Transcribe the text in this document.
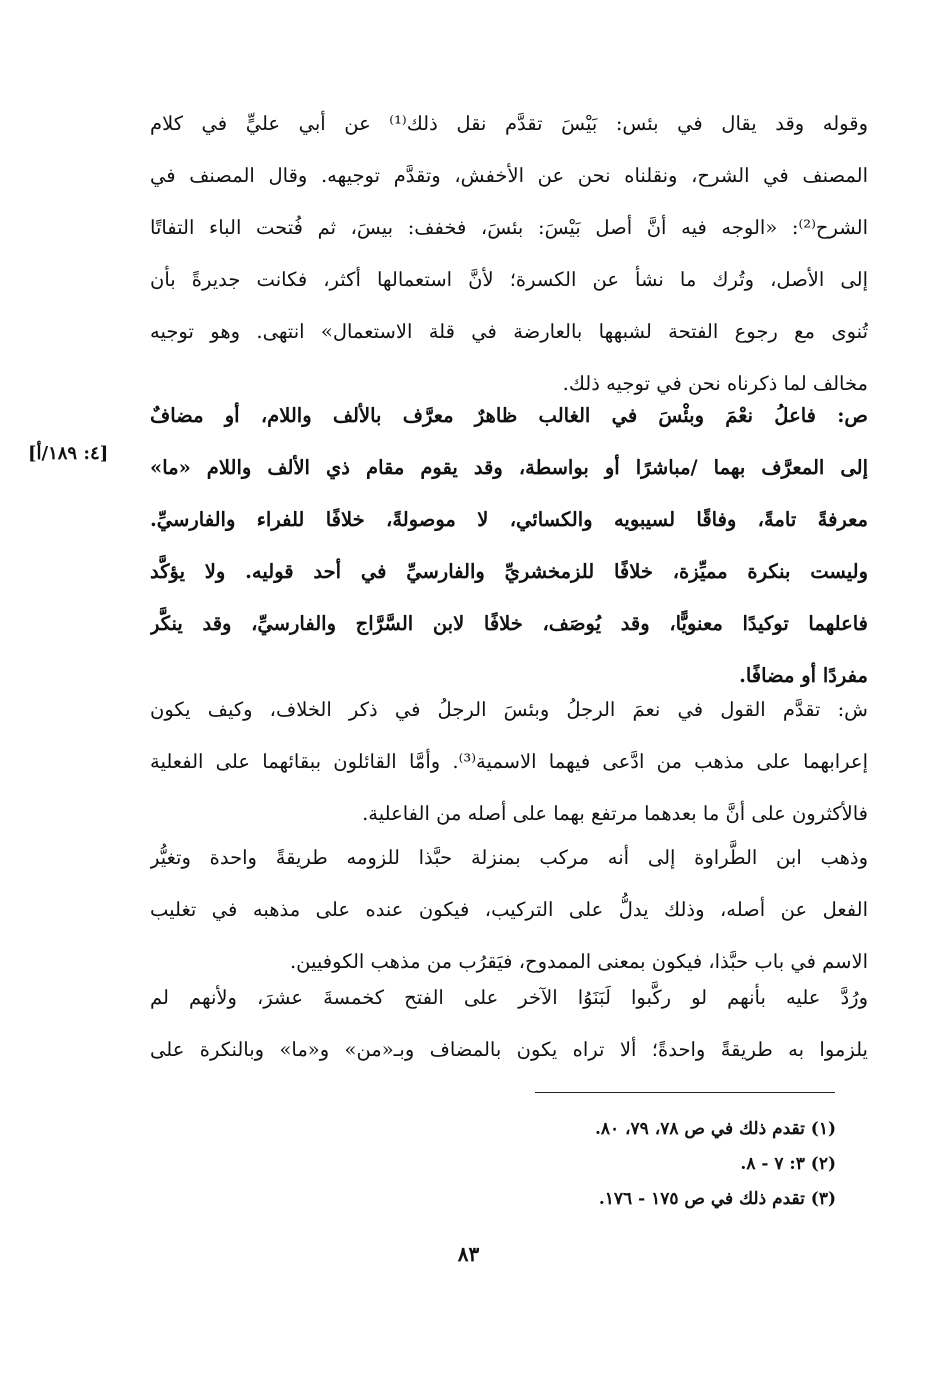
وقوله وقد يقال في بئس: بَيْسَ تقدَّم نقل ذلك⁽¹⁾ عن أبي عليٍّ في كلام
المصنف في الشرح، ونقلناه نحن عن الأخفش، وتقدَّم توجيهه. وقال المصنف في
الشرح⁽²⁾: «الوجه فيه أنَّ أصل بَيْسَ: بئسَ، فخفف: بيسَ، ثم فُتحت الباء التفاتًا
إلى الأصل، وتُرك ما نشأ عن الكسرة؛ لأنَّ استعمالها أكثر، فكانت جديرةً بأن
تُنوى مع رجوع الفتحة لشبهها بالعارضة في قلة الاستعمال» انتهى. وهو توجيه
مخالف لما ذكرناه نحن في توجيه ذلك.
ص: فاعلُ نعْمَ وبئْسَ في الغالب ظاهرٌ معرَّف بالألف واللام، أو مضافٌ
إلى المعرَّف بهما /مباشرًا أو بواسطة، وقد يقوم مقام ذي الألف واللام «ما»
معرفةً تامةً، وفاقًا لسيبويه والكسائي، لا موصولةً، خلافًا للفراء والفارسيِّ.
وليست بنكرة مميِّزة، خلافًا للزمخشريِّ والفارسيِّ في أحد قوليه. ولا يؤكَّد
فاعلهما توكيدًا معنويًّا، وقد يُوصَف، خلافًا لابن السَّرَّاج والفارسيِّ، وقد ينكَّر
مفردًا أو مضافًا.
[٤: ١٨٩/أ]
ش: تقدَّم القول في نعمَ الرجلُ وبئسَ الرجلُ في ذكر الخلاف، وكيف يكون
إعرابهما على مذهب من ادَّعى فيهما الاسمية⁽³⁾. وأمَّا القائلون ببقائهما على الفعلية
فالأكثرون على أنَّ ما بعدهما مرتفع بهما على أصله من الفاعلية.
وذهب ابن الطَّراوة إلى أنه مركب بمنزلة حبَّذا للزومه طريقةً واحدة وتغيُّر
الفعل عن أصله، وذلك يدلُّ على التركيب، فيكون عنده على مذهبه في تغليب
الاسم في باب حبَّذا، فيكون بمعنى الممدوح، فيَقرُب من مذهب الكوفيين.
ورُدَّ عليه بأنهم لو ركَّبوا لَبَنَوُا الآخر على الفتح كخمسةَ عشرَ، ولأنهم لم
يلزموا به طريقةً واحدةً؛ ألا تراه يكون بالمضاف وبـ«من» و«ما» وبالنكرة على
(١) تقدم ذلك في ص ٧٨، ٧٩، ٨٠.
(٢) ٣: ٧ - ٨.
(٣) تقدم ذلك في ص ١٧٥ - ١٧٦.
٨٣
